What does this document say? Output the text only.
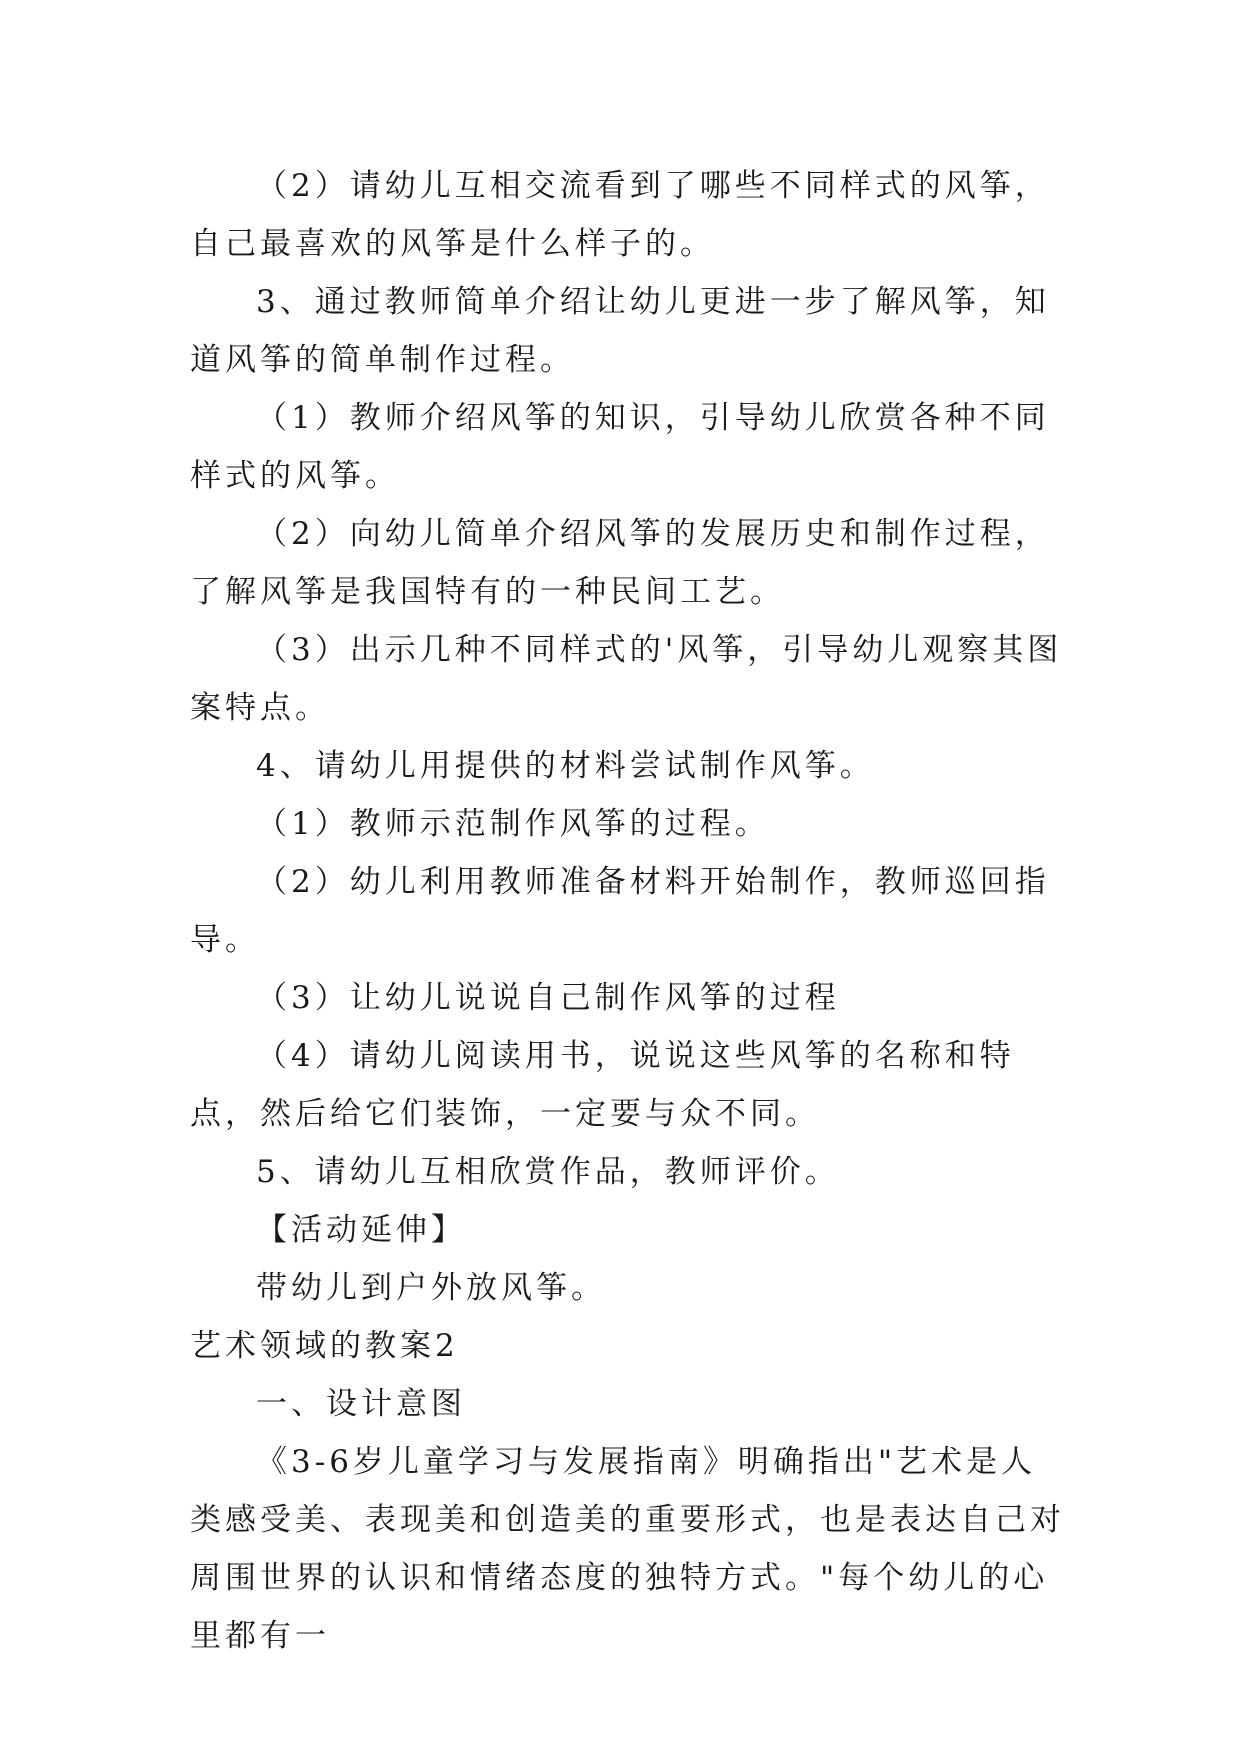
（2）请幼儿互相交流看到了哪些不同样式的风筝，自己最喜欢的风筝是什么样子的。

3、通过教师简单介绍让幼儿更进一步了解风筝，知道风筝的简单制作过程。

（1）教师介绍风筝的知识，引导幼儿欣赏各种不同样式的风筝。

（2）向幼儿简单介绍风筝的发展历史和制作过程，了解风筝是我国特有的一种民间工艺。

（3）出示几种不同样式的'风筝，引导幼儿观察其图案特点。

4、请幼儿用提供的材料尝试制作风筝。

（1）教师示范制作风筝的过程。

（2）幼儿利用教师准备材料开始制作，教师巡回指导。

（3）让幼儿说说自己制作风筝的过程

（4）请幼儿阅读用书，说说这些风筝的名称和特点，然后给它们装饰，一定要与众不同。

5、请幼儿互相欣赏作品，教师评价。

【活动延伸】

带幼儿到户外放风筝。

艺术领域的教案2

一、设计意图

《3-6岁儿童学习与发展指南》明确指出"艺术是人类感受美、表现美和创造美的重要形式，也是表达自己对周围世界的认识和情绪态度的独特方式。"每个幼儿的心里都有一
